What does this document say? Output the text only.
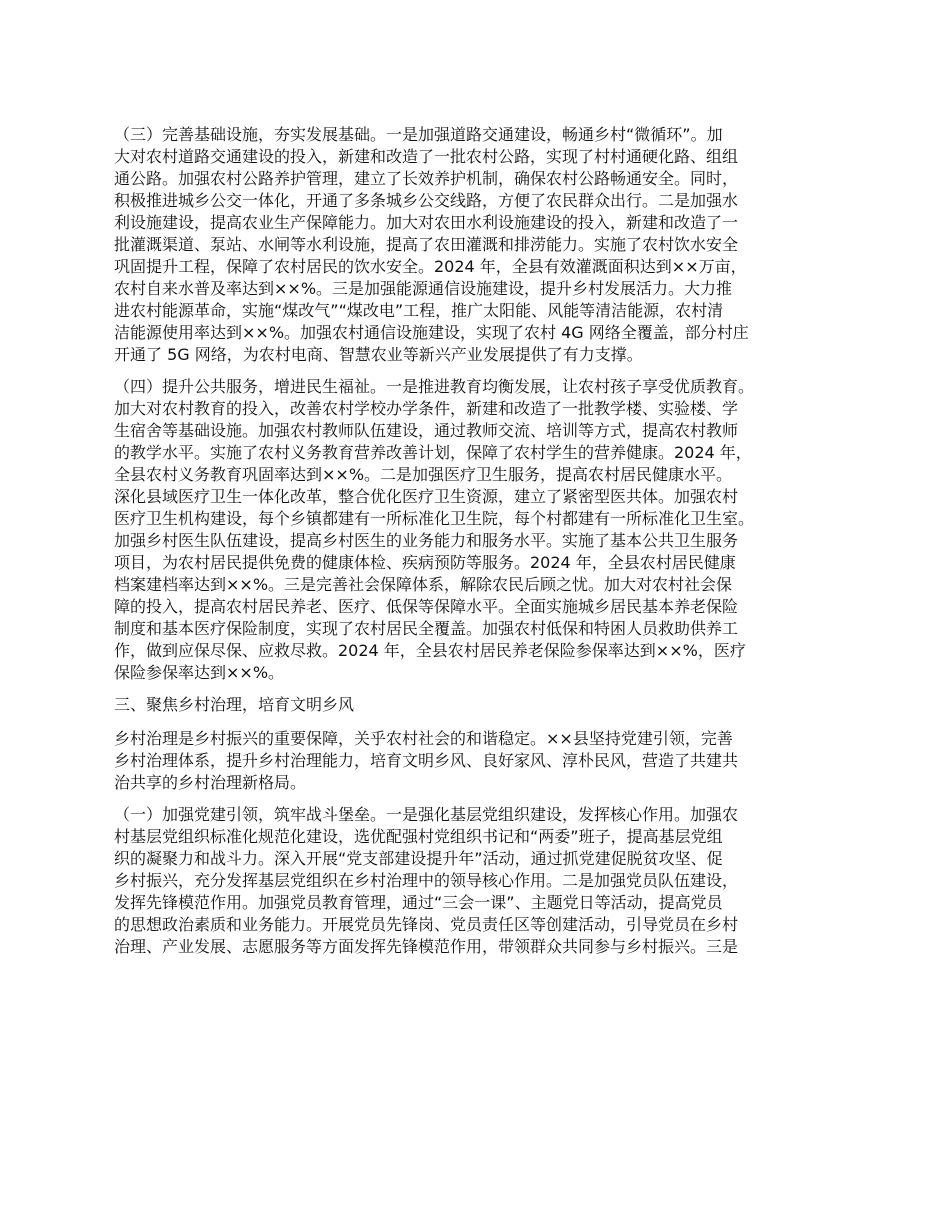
（三）完善基础设施，夯实发展基础。一是加强道路交通建设，畅通乡村“微循环”。加
大对农村道路交通建设的投入，新建和改造了一批农村公路，实现了村村通硬化路、组组
通公路。加强农村公路养护管理，建立了长效养护机制，确保农村公路畅通安全。同时，
积极推进城乡公交一体化，开通了多条城乡公交线路，方便了农民群众出行。二是加强水
利设施建设，提高农业生产保障能力。加大对农田水利设施建设的投入，新建和改造了一
批灌溉渠道、泵站、水闸等水利设施，提高了农田灌溉和排涝能力。实施了农村饮水安全
巩固提升工程，保障了农村居民的饮水安全。2024 年，全县有效灌溉面积达到××万亩，
农村自来水普及率达到××%。三是加强能源通信设施建设，提升乡村发展活力。大力推
进农村能源革命，实施“煤改气”“煤改电”工程，推广太阳能、风能等清洁能源，农村清
洁能源使用率达到××%。加强农村通信设施建设，实现了农村 4G 网络全覆盖，部分村庄
开通了 5G 网络，为农村电商、智慧农业等新兴产业发展提供了有力支撑。
（四）提升公共服务，增进民生福祉。一是推进教育均衡发展，让农村孩子享受优质教育。
加大对农村教育的投入，改善农村学校办学条件，新建和改造了一批教学楼、实验楼、学
生宿舍等基础设施。加强农村教师队伍建设，通过教师交流、培训等方式，提高农村教师
的教学水平。实施了农村义务教育营养改善计划，保障了农村学生的营养健康。2024 年，
全县农村义务教育巩固率达到××%。二是加强医疗卫生服务，提高农村居民健康水平。
深化县域医疗卫生一体化改革，整合优化医疗卫生资源，建立了紧密型医共体。加强农村
医疗卫生机构建设，每个乡镇都建有一所标准化卫生院，每个村都建有一所标准化卫生室。
加强乡村医生队伍建设，提高乡村医生的业务能力和服务水平。实施了基本公共卫生服务
项目，为农村居民提供免费的健康体检、疾病预防等服务。2024 年，全县农村居民健康
档案建档率达到××%。三是完善社会保障体系，解除农民后顾之忧。加大对农村社会保
障的投入，提高农村居民养老、医疗、低保等保障水平。全面实施城乡居民基本养老保险
制度和基本医疗保险制度，实现了农村居民全覆盖。加强农村低保和特困人员救助供养工
作，做到应保尽保、应救尽救。2024 年，全县农村居民养老保险参保率达到××%，医疗
保险参保率达到××%。
三、聚焦乡村治理，培育文明乡风
乡村治理是乡村振兴的重要保障，关乎农村社会的和谐稳定。××县坚持党建引领，完善
乡村治理体系，提升乡村治理能力，培育文明乡风、良好家风、淳朴民风，营造了共建共
治共享的乡村治理新格局。
（一）加强党建引领，筑牢战斗堡垒。一是强化基层党组织建设，发挥核心作用。加强农
村基层党组织标准化规范化建设，选优配强村党组织书记和“两委”班子，提高基层党组
织的凝聚力和战斗力。深入开展“党支部建设提升年”活动，通过抓党建促脱贫攻坚、促
乡村振兴，充分发挥基层党组织在乡村治理中的领导核心作用。二是加强党员队伍建设，
发挥先锋模范作用。加强党员教育管理，通过“三会一课”、主题党日等活动，提高党员
的思想政治素质和业务能力。开展党员先锋岗、党员责任区等创建活动，引导党员在乡村
治理、产业发展、志愿服务等方面发挥先锋模范作用，带领群众共同参与乡村振兴。三是
